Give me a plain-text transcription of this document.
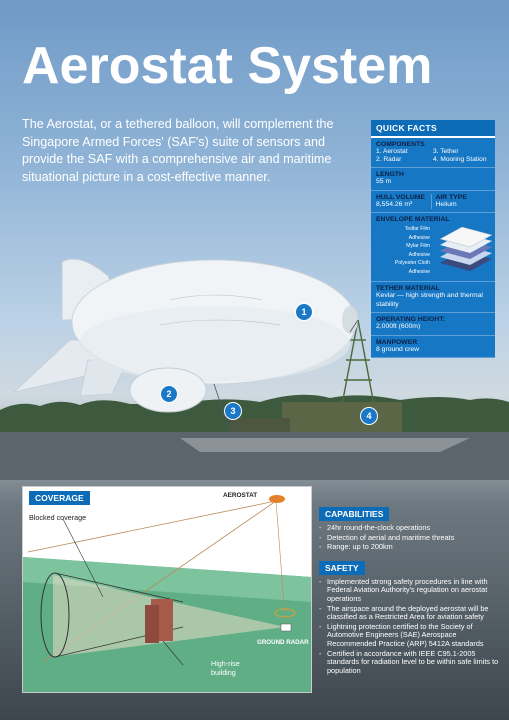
Aerostat System

The Aerostat, or a tethered balloon, will complement the Singapore Armed Forces' (SAF's) suite of sensors and provide the SAF with a comprehensive air and maritime situational picture in a cost-effective manner.

QUICK FACTS
COMPONENTS
1. Aerostat	3. Tether
2. Radar	4. Mooring Station
LENGTH
55 m
HULL VOLUME
8,554.26 m³
AIR TYPE
Helium
ENVELOPE MATERIAL
Tedlar Film
Adhesive
Mylar Film
Adhesive
Polyester Cloth
Adhesive
TETHER MATERIAL
Kevlar — high strength and thermal stability
OPERATING HEIGHT:
2,000ft (600m)
MANPOWER
8 ground crew
1
2
3	4
COVERAGE	AEROSTAT
Blocked coverage
High-rise
building
GROUND RADAR
CAPABILITIES
- 24hr round-the-clock operations
- Detection of aerial and maritime threats
- Range: up to 200km
SAFETY
- Implemented strong safety procedures in line with Federal Aviation Authority's regulation on aerostat operations
- The airspace around the deployed aerostat will be classified as a Restricted Area for aviation safety
- Lightning protection certified to the Society of Automotive Engineers (SAE) Aerospace Recommended Practice (ARP) 5412A standards
- Certified in accordance with IEEE C95.1-2005 standards for radiation level to be within safe limits to population
